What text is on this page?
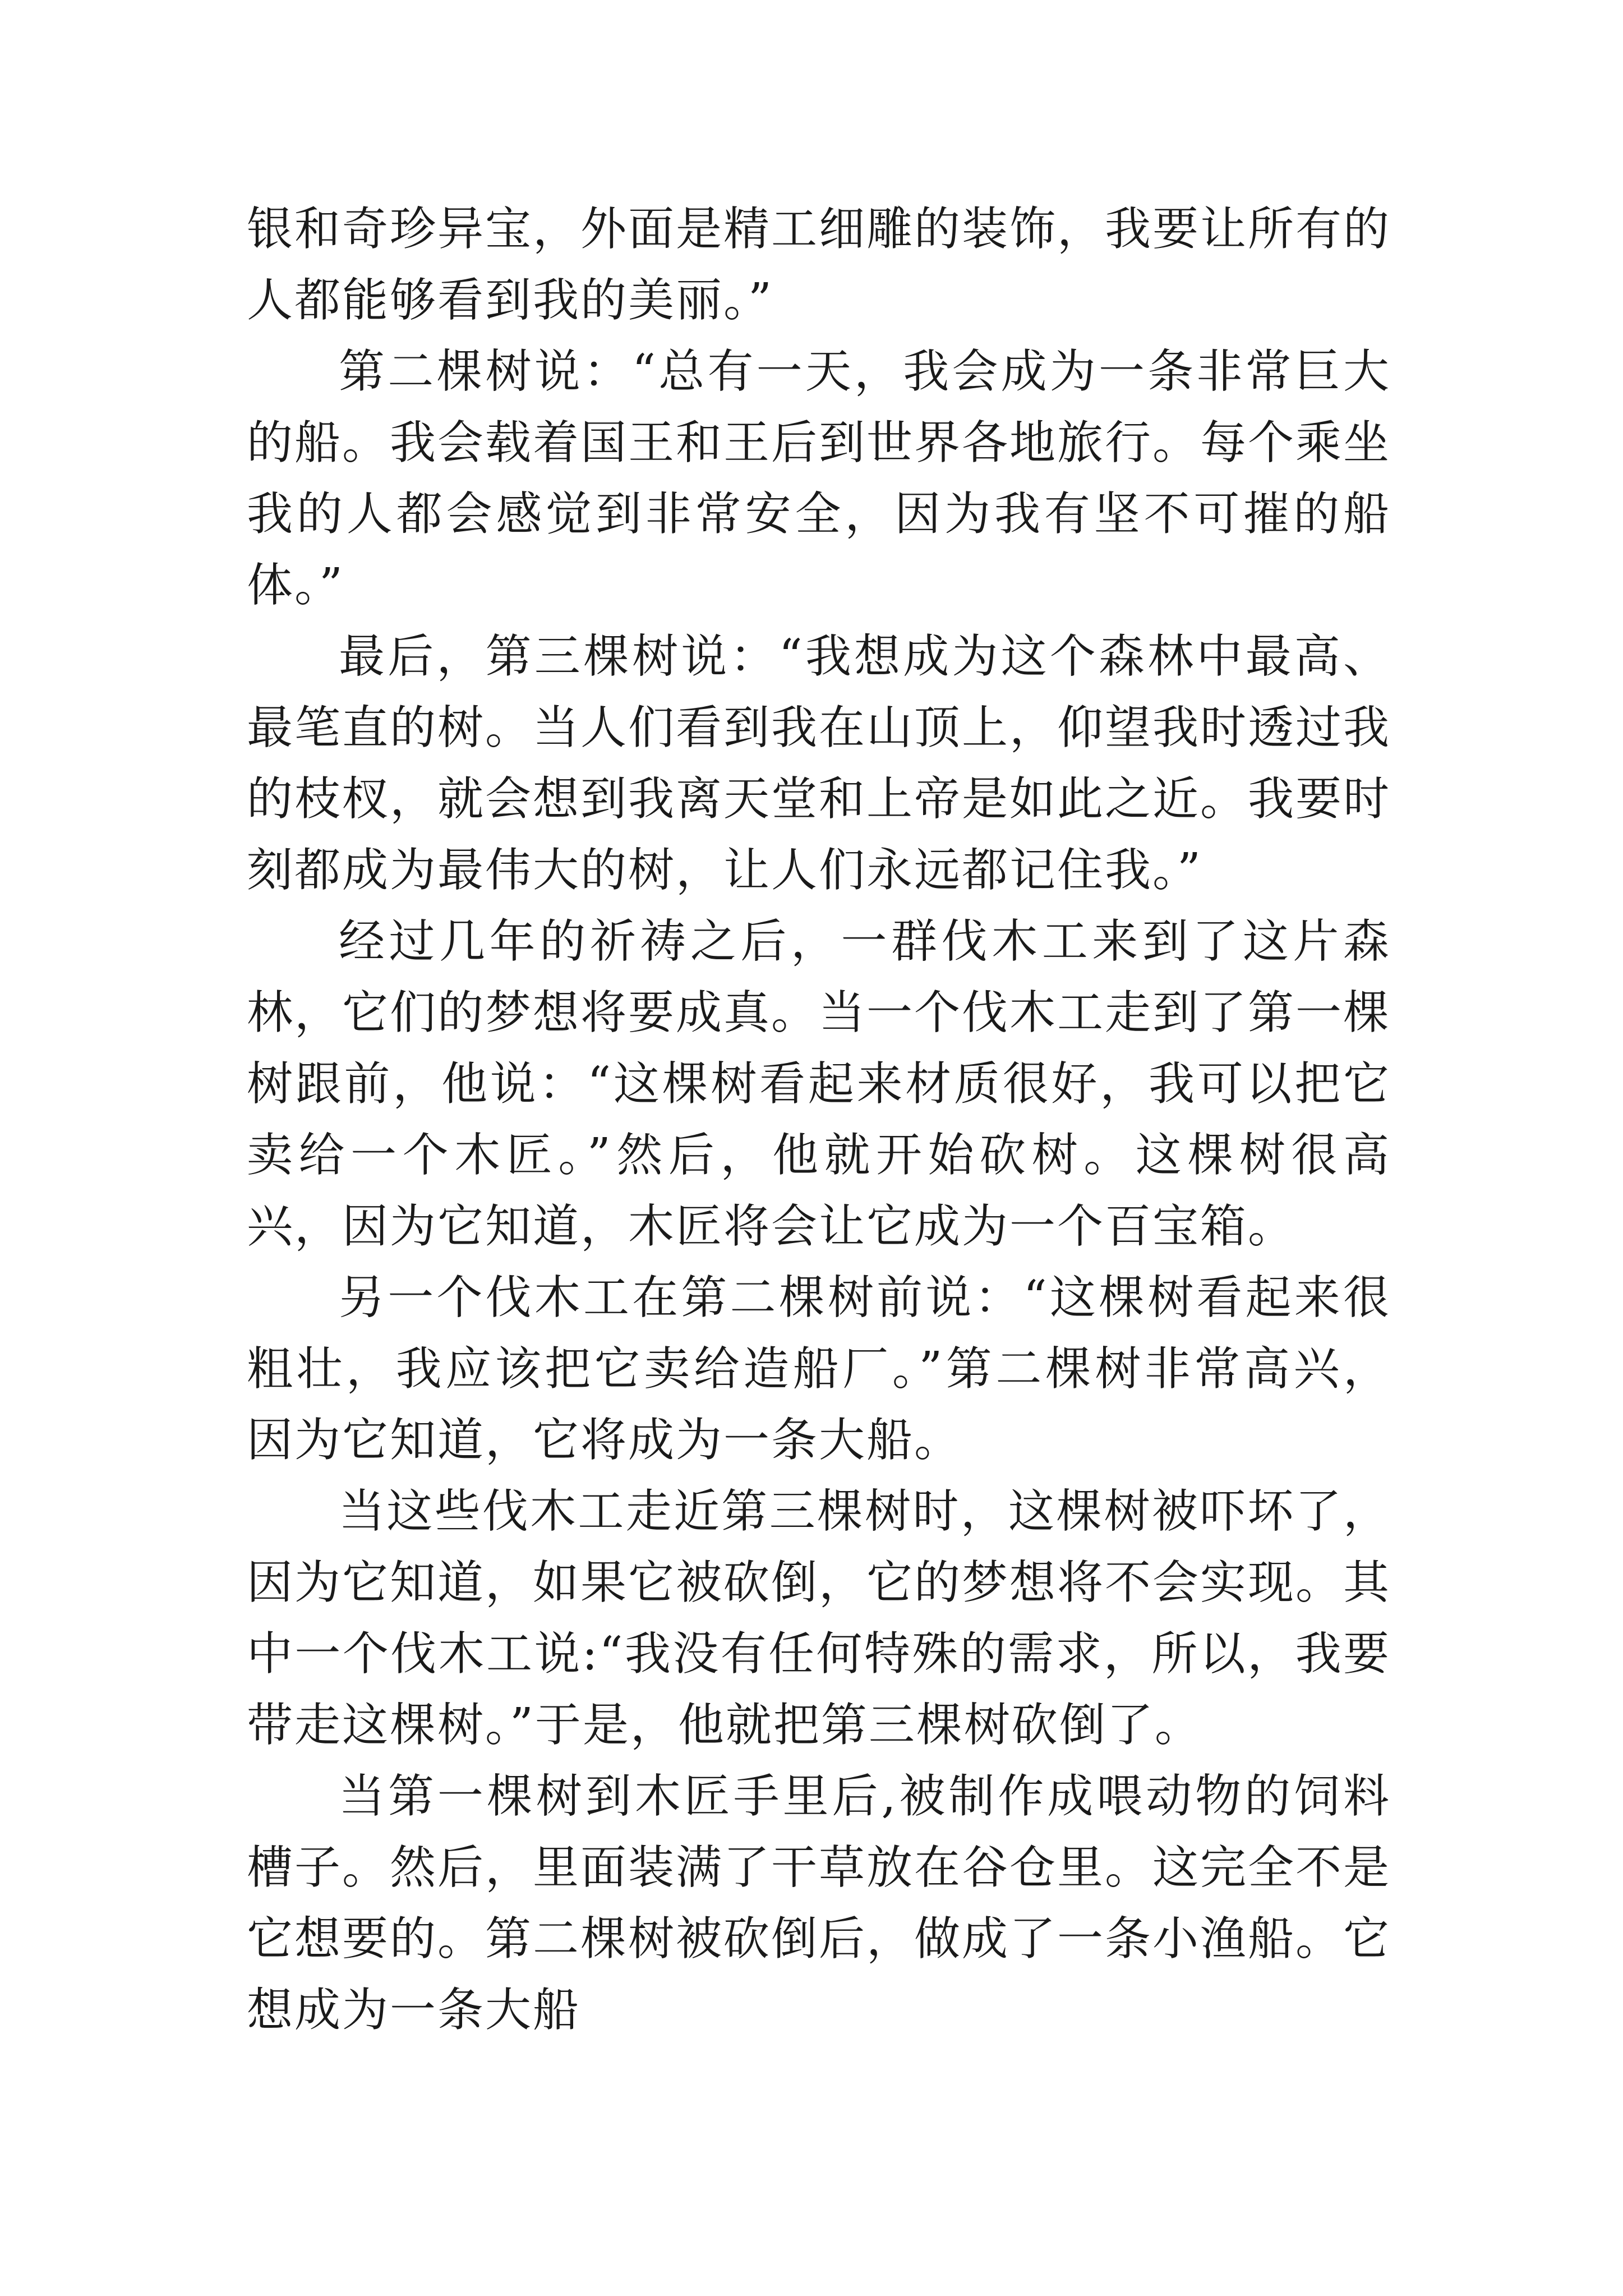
银和奇珍异宝，外面是精工细雕的装饰，我要让所有的人都能够看到我的美丽。”

第二棵树说：“总有一天，我会成为一条非常巨大的船。我会载着国王和王后到世界各地旅行。每个乘坐我的人都会感觉到非常安全，因为我有坚不可摧的船体。”

最后，第三棵树说：“我想成为这个森林中最高、最笔直的树。当人们看到我在山顶上，仰望我时透过我的枝杈，就会想到我离天堂和上帝是如此之近。我要时刻都成为最伟大的树，让人们永远都记住我。”

经过几年的祈祷之后，一群伐木工来到了这片森林，它们的梦想将要成真。当一个伐木工走到了第一棵树跟前，他说：“这棵树看起来材质很好，我可以把它卖给一个木匠。”然后，他就开始砍树。这棵树很高兴，因为它知道，木匠将会让它成为一个百宝箱。

另一个伐木工在第二棵树前说：“这棵树看起来很粗壮，我应该把它卖给造船厂。”第二棵树非常高兴，因为它知道，它将成为一条大船。

当这些伐木工走近第三棵树时，这棵树被吓坏了，因为它知道，如果它被砍倒，它的梦想将不会实现。其中一个伐木工说:“我没有任何特殊的需求，所以，我要带走这棵树。”于是，他就把第三棵树砍倒了。

当第一棵树到木匠手里后,被制作成喂动物的饲料槽子。然后，里面装满了干草放在谷仓里。这完全不是它想要的。第二棵树被砍倒后，做成了一条小渔船。它想成为一条大船
